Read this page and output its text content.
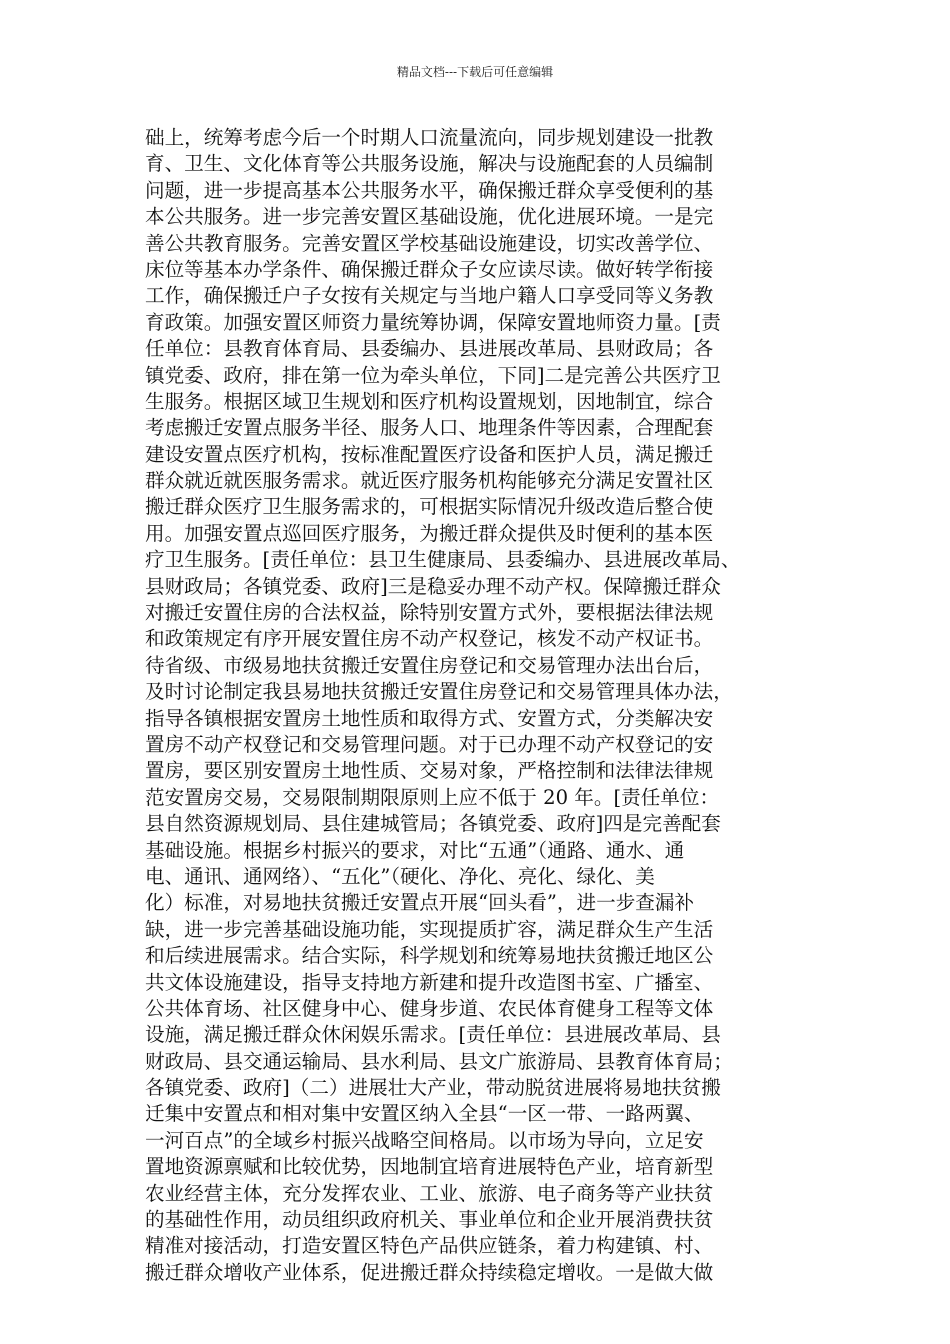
精品文档---下载后可任意编辑
础上，统筹考虑今后一个时期人口流量流向，同步规划建设一批教
育、卫生、文化体育等公共服务设施，解决与设施配套的人员编制
问题，进一步提高基本公共服务水平，确保搬迁群众享受便利的基
本公共服务。进一步完善安置区基础设施，优化进展环境。一是完
善公共教育服务。完善安置区学校基础设施建设，切实改善学位、
床位等基本办学条件、确保搬迁群众子女应读尽读。做好转学衔接
工作，确保搬迁户子女按有关规定与当地户籍人口享受同等义务教
育政策。加强安置区师资力量统筹协调，保障安置地师资力量。[责
任单位：县教育体育局、县委编办、县进展改革局、县财政局；各
镇党委、政府，排在第一位为牵头单位，下同]二是完善公共医疗卫
生服务。根据区域卫生规划和医疗机构设置规划，因地制宜，综合
考虑搬迁安置点服务半径、服务人口、地理条件等因素，合理配套
建设安置点医疗机构，按标准配置医疗设备和医护人员，满足搬迁
群众就近就医服务需求。就近医疗服务机构能够充分满足安置社区
搬迁群众医疗卫生服务需求的，可根据实际情况升级改造后整合使
用。加强安置点巡回医疗服务，为搬迁群众提供及时便利的基本医
疗卫生服务。[责任单位：县卫生健康局、县委编办、县进展改革局、
县财政局；各镇党委、政府]三是稳妥办理不动产权。保障搬迁群众
对搬迁安置住房的合法权益，除特别安置方式外，要根据法律法规
和政策规定有序开展安置住房不动产权登记，核发不动产权证书。
待省级、市级易地扶贫搬迁安置住房登记和交易管理办法出台后，
及时讨论制定我县易地扶贫搬迁安置住房登记和交易管理具体办法，
指导各镇根据安置房土地性质和取得方式、安置方式，分类解决安
置房不动产权登记和交易管理问题。对于已办理不动产权登记的安
置房，要区别安置房土地性质、交易对象，严格控制和法律法律规
范安置房交易，交易限制期限原则上应不低于 20 年。[责任单位：
县自然资源规划局、县住建城管局；各镇党委、政府]四是完善配套
基础设施。根据乡村振兴的要求，对比“五通”（通路、通水、通
电、通讯、通网络）、“五化”（硬化、净化、亮化、绿化、美
化）标准，对易地扶贫搬迁安置点开展“回头看”，进一步查漏补
缺，进一步完善基础设施功能，实现提质扩容，满足群众生产生活
和后续进展需求。结合实际，科学规划和统筹易地扶贫搬迁地区公
共文体设施建设，指导支持地方新建和提升改造图书室、广播室、
公共体育场、社区健身中心、健身步道、农民体育健身工程等文体
设施，满足搬迁群众休闲娱乐需求。[责任单位：县进展改革局、县
财政局、县交通运输局、县水利局、县文广旅游局、县教育体育局；
各镇党委、政府]（二）进展壮大产业，带动脱贫进展将易地扶贫搬
迁集中安置点和相对集中安置区纳入全县“一区一带、一路两翼、
一河百点”的全域乡村振兴战略空间格局。以市场为导向，立足安
置地资源禀赋和比较优势，因地制宜培育进展特色产业，培育新型
农业经营主体，充分发挥农业、工业、旅游、电子商务等产业扶贫
的基础性作用，动员组织政府机关、事业单位和企业开展消费扶贫
精准对接活动，打造安置区特色产品供应链条，着力构建镇、村、
搬迁群众增收产业体系，促进搬迁群众持续稳定增收。一是做大做
